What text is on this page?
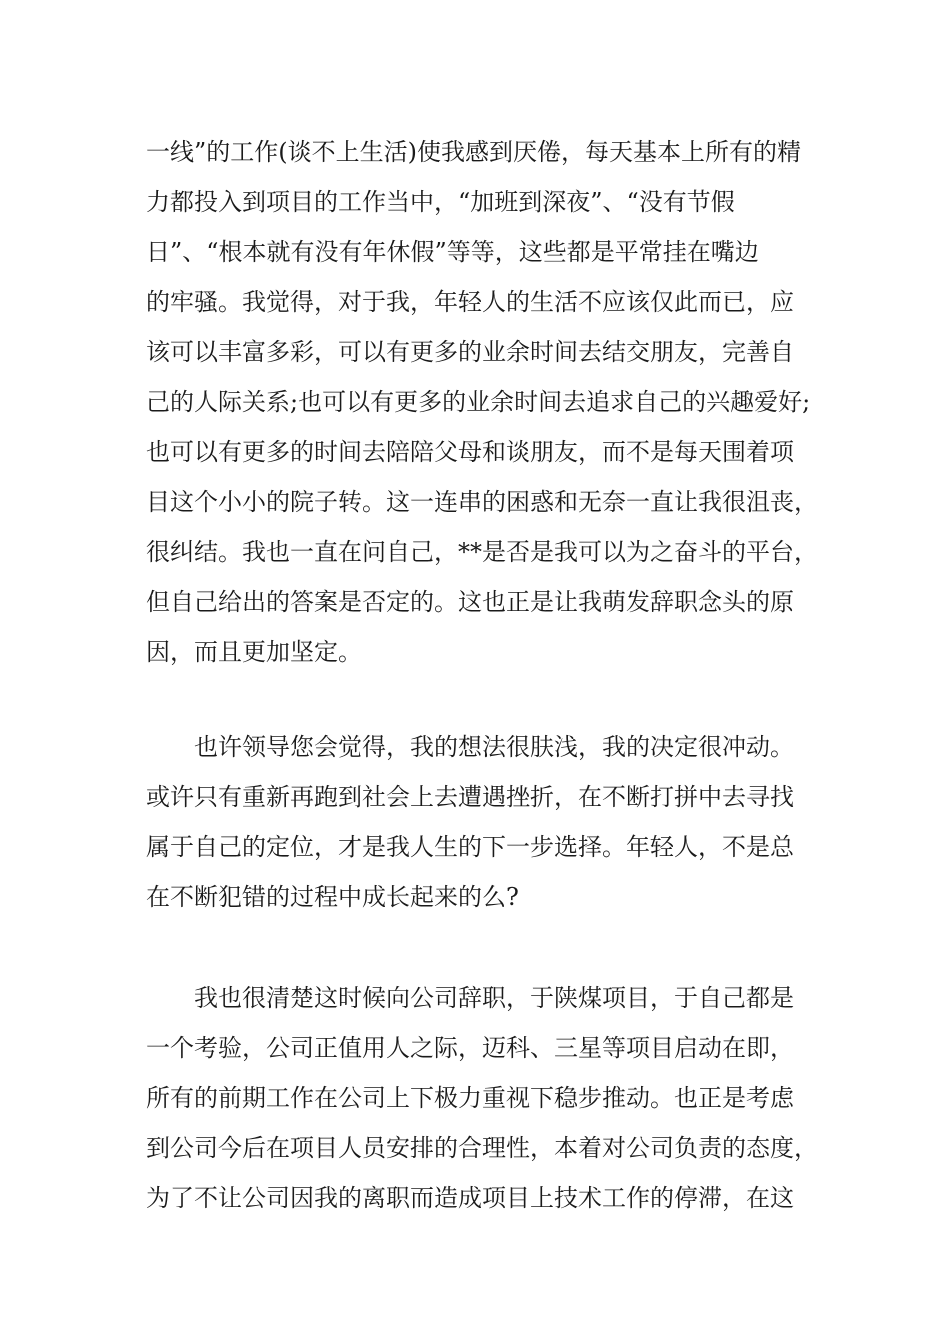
一线”的工作(谈不上生活)使我感到厌倦，每天基本上所有的精
力都投入到项目的工作当中，“加班到深夜”、“没有节假
日”、“根本就有没有年休假”等等，这些都是平常挂在嘴边
的牢骚。我觉得，对于我，年轻人的生活不应该仅此而已，应
该可以丰富多彩，可以有更多的业余时间去结交朋友，完善自
己的人际关系;也可以有更多的业余时间去追求自己的兴趣爱好;
也可以有更多的时间去陪陪父母和谈朋友，而不是每天围着项
目这个小小的院子转。这一连串的困惑和无奈一直让我很沮丧，
很纠结。我也一直在问自己，**是否是我可以为之奋斗的平台，
但自己给出的答案是否定的。这也正是让我萌发辞职念头的原
因，而且更加坚定。
也许领导您会觉得，我的想法很肤浅，我的决定很冲动。
或许只有重新再跑到社会上去遭遇挫折，在不断打拼中去寻找
属于自己的定位，才是我人生的下一步选择。年轻人，不是总
在不断犯错的过程中成长起来的么?
我也很清楚这时候向公司辞职，于陕煤项目，于自己都是
一个考验，公司正值用人之际，迈科、三星等项目启动在即，
所有的前期工作在公司上下极力重视下稳步推动。也正是考虑
到公司今后在项目人员安排的合理性，本着对公司负责的态度，
为了不让公司因我的离职而造成项目上技术工作的停滞，在这
